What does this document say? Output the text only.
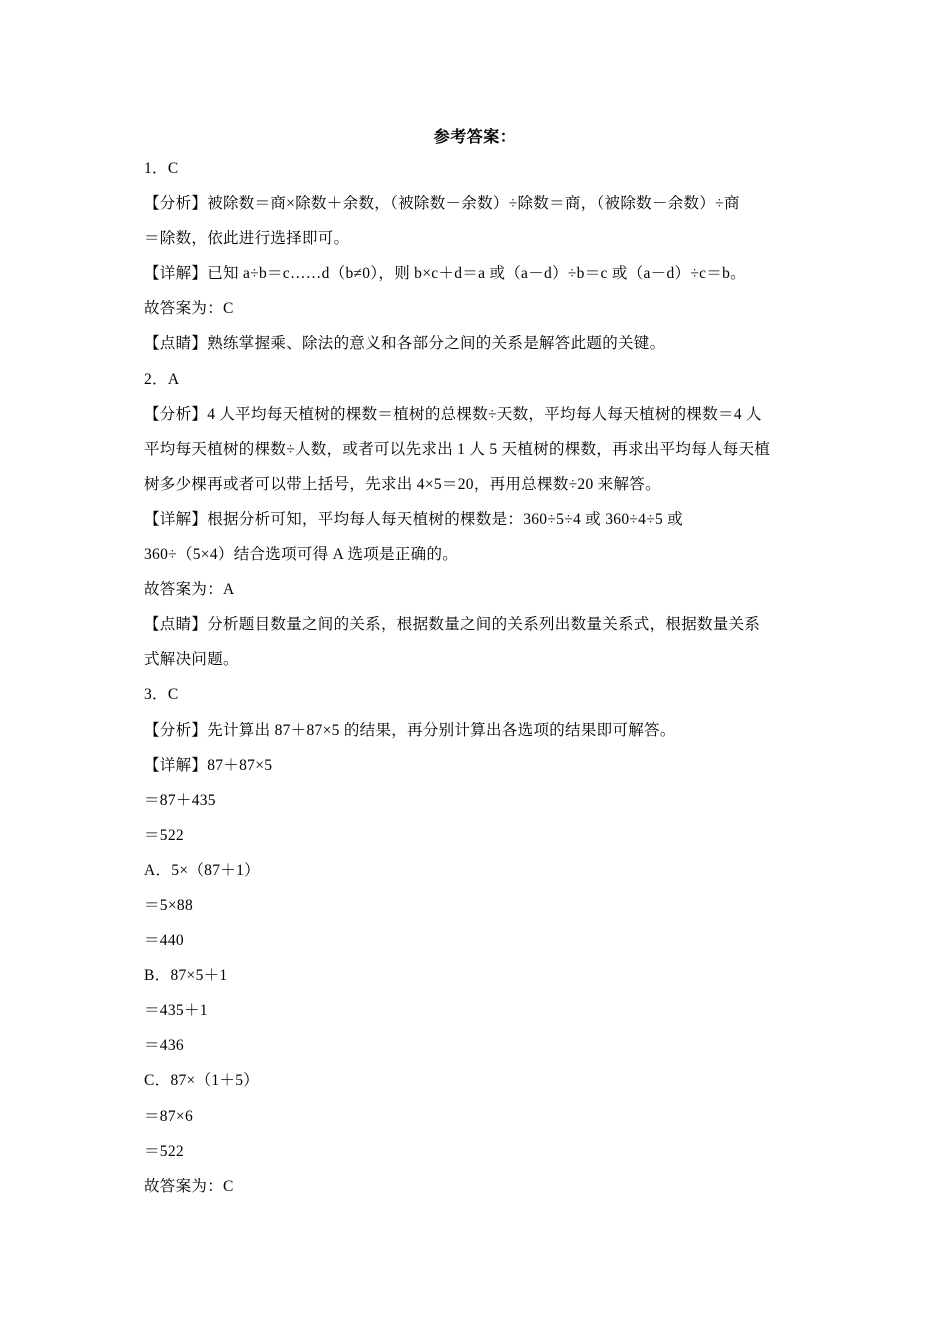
参考答案：
1．C
【分析】被除数＝商×除数＋余数，（被除数－余数）÷除数＝商，（被除数－余数）÷商
＝除数，依此进行选择即可。
【详解】已知 a÷b＝c……d（b≠0），则 b×c＋d＝a 或（a－d）÷b＝c 或（a－d）÷c＝b。
故答案为：C
【点睛】熟练掌握乘、除法的意义和各部分之间的关系是解答此题的关键。
2．A
【分析】4 人平均每天植树的棵数＝植树的总棵数÷天数，平均每人每天植树的棵数＝4 人
平均每天植树的棵数÷人数，或者可以先求出 1 人 5 天植树的棵数，再求出平均每人每天植
树多少棵再或者可以带上括号，先求出 4×5＝20，再用总棵数÷20 来解答。
【详解】根据分析可知，平均每人每天植树的棵数是：360÷5÷4 或 360÷4÷5 或
360÷（5×4）结合选项可得 A 选项是正确的。
故答案为：A
【点睛】分析题目数量之间的关系，根据数量之间的关系列出数量关系式，根据数量关系
式解决问题。
3．C
【分析】先计算出 87＋87×5 的结果，再分别计算出各选项的结果即可解答。
【详解】87＋87×5
＝87＋435
＝522
A．5×（87＋1）
＝5×88
＝440
B．87×5＋1
＝435＋1
＝436
C．87×（1＋5）
＝87×6
＝522
故答案为：C
